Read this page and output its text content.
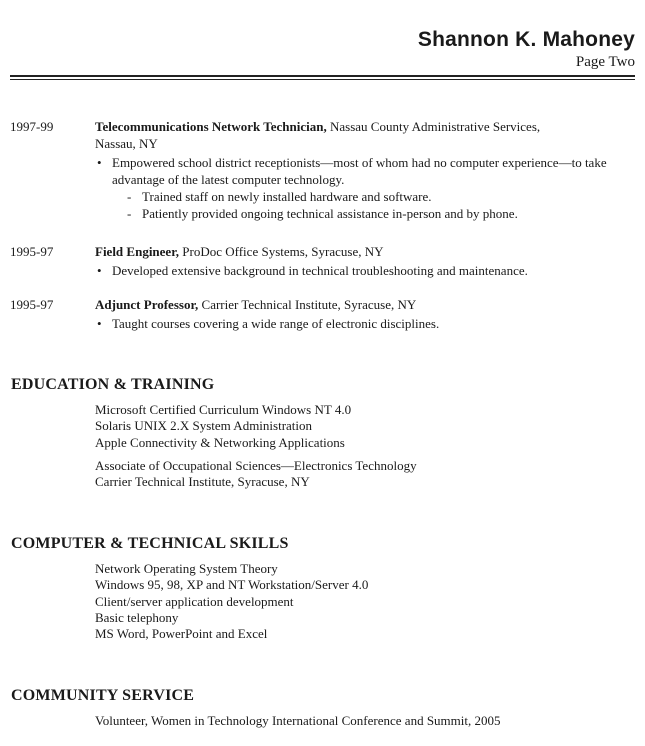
Shannon K. Mahoney
Page Two
1997-99	Telecommunications Network Technician, Nassau County Administrative Services,
Nassau, NY
• Empowered school district receptionists—most of whom had no computer experience—to take advantage of the latest computer technology.
- Trained staff on newly installed hardware and software.
- Patiently provided ongoing technical assistance in-person and by phone.
1995-97	Field Engineer, ProDoc Office Systems, Syracuse, NY
• Developed extensive background in technical troubleshooting and maintenance.
1995-97	Adjunct Professor, Carrier Technical Institute, Syracuse, NY
• Taught courses covering a wide range of electronic disciplines.
EDUCATION & TRAINING
Microsoft Certified Curriculum Windows NT 4.0
Solaris UNIX 2.X System Administration
Apple Connectivity & Networking Applications
Associate of Occupational Sciences—Electronics Technology
Carrier Technical Institute, Syracuse, NY
COMPUTER & TECHNICAL SKILLS
Network Operating System Theory
Windows 95, 98, XP and NT Workstation/Server 4.0
Client/server application development
Basic telephony
MS Word, PowerPoint and Excel
COMMUNITY SERVICE
Volunteer, Women in Technology International Conference and Summit, 2005
